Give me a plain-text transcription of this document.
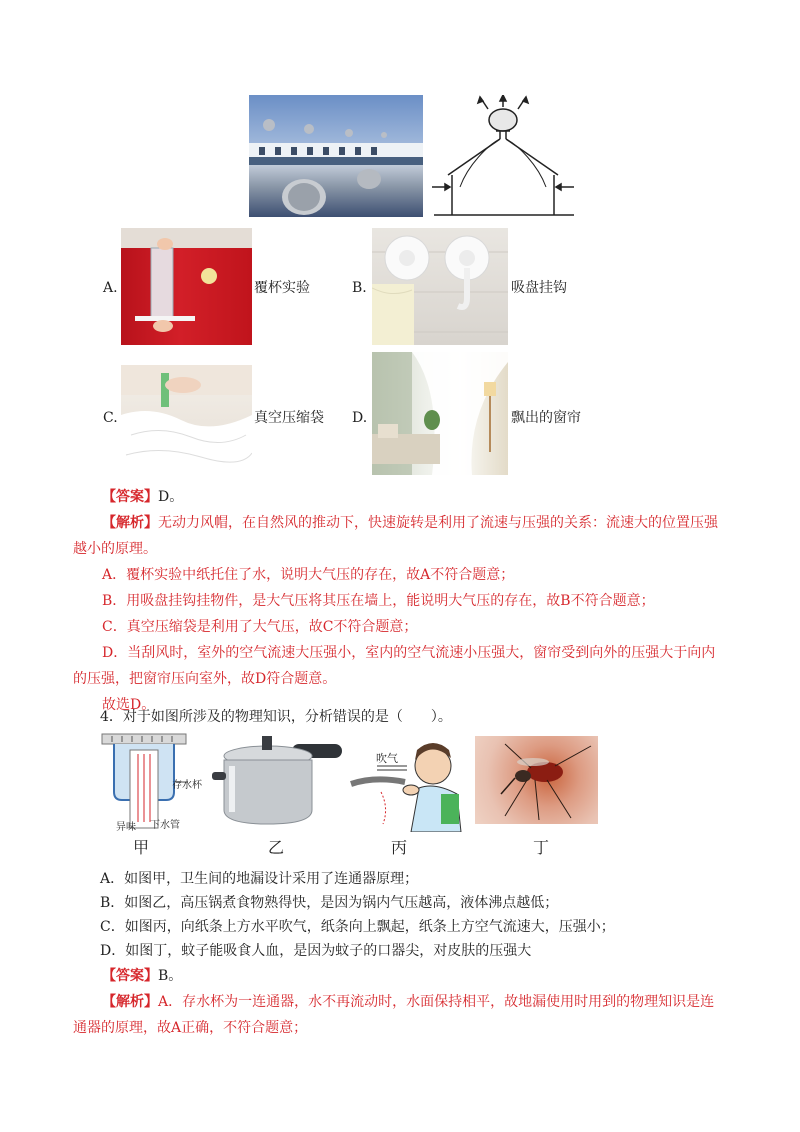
A.	覆杯实验	B.	吸盘挂钩
C.	真空压缩袋 D.	飘出的窗帘
【答案】D。
【解析】无动力风帽，在自然风的推动下，快速旋转是利用了流速与压强的关系：流速大的位置压强
越小的原理。
A．覆杯实验中纸托住了水，说明大气压的存在，故A不符合题意；
B．用吸盘挂钩挂物件，是大气压将其压在墙上，能说明大气压的存在，故B不符合题意；
C．真空压缩袋是利用了大气压，故C不符合题意；
D．当刮风时，室外的空气流速大压强小，室内的空气流速小压强大，窗帘受到向外的压强大于向内
的压强，把窗帘压向室外，故D符合题意。
故选D。
4．对于如图所涉及的物理知识，分析错误的是（　　）。
存水杯
异味 下水管
甲	乙
吹气
丙	丁
A．如图甲，卫生间的地漏设计采用了连通器原理；
B．如图乙，高压锅煮食物熟得快，是因为锅内气压越高，液体沸点越低；
C．如图丙，向纸条上方水平吹气，纸条向上飘起，纸条上方空气流速大，压强小；
D．如图丁，蚊子能吸食人血，是因为蚊子的口器尖，对皮肤的压强大
【答案】B。
【解析】A．存水杯为一连通器，水不再流动时，水面保持相平，故地漏使用时用到的物理知识是连
通器的原理，故A正确，不符合题意；
